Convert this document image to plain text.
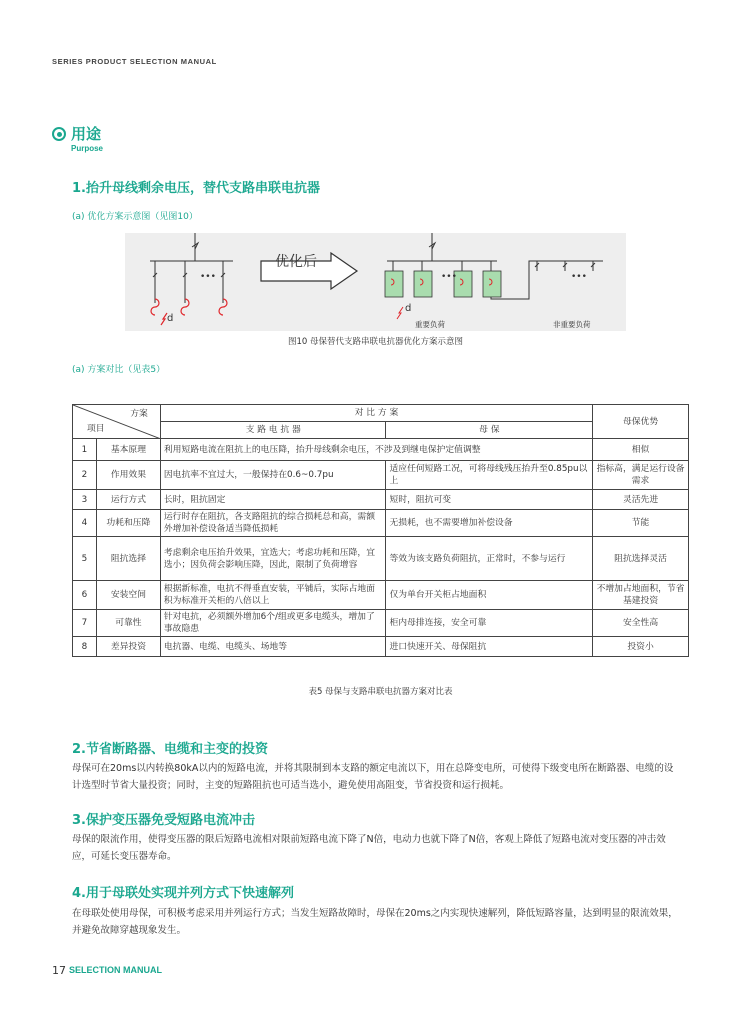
SERIES PRODUCT SELECTION MANUAL
用途
Purpose
1.抬升母线剩余电压，替代支路串联电抗器
(a) 优化方案示意图（见图10）
•••
d
优化后
•••	•••
d
重要负荷	非重要负荷
图10 母保替代支路串联电抗器优化方案示意图
(a) 方案对比（见表5）
方案
项目		对 比 方 案		母保优势
		支 路 电 抗 器	母 保	
1	基本原理	利用短路电流在阻抗上的电压降，抬升母线剩余电压，不涉及到继电保护定值调整		相似
2	作用效果	因电抗率不宜过大，一般保持在0.6~0.7pu	适应任何短路工况，可将母线残压抬升至0.85pu以上	指标高，满足运行设备需求
3	运行方式	长时，阻抗固定	短时，阻抗可变	灵活先进
4	功耗和压降	运行时存在阻抗，各支路阻抗的综合损耗总和高，需额外增加补偿设备适当降低损耗	无损耗，也不需要增加补偿设备	节能
5	阻抗选择	考虑剩余电压抬升效果，宜选大；考虑功耗和压降，宜选小；因负荷会影响压降，因此，限制了负荷增容	等效为该支路负荷阻抗，正常时，不参与运行	阻抗选择灵活
6	安装空间	根据新标准，电抗不得垂直安装，平铺后，实际占地面积为标准开关柜的八倍以上	仅为单台开关柜占地面积	不增加占地面积，节省基建投资
7	可靠性	针对电抗，必须额外增加6个/组或更多电缆头，增加了事故隐患	柜内母排连接，安全可靠	安全性高
8	差异投资	电抗器、电缆、电缆头、场地等	进口快速开关、母保阻抗	投资小
表5 母保与支路串联电抗器方案对比表
2.节省断路器、电缆和主变的投资
母保可在20ms以内转换80kA以内的短路电流，并将其限制到本支路的额定电流以下，用在总降变电所，可使得下级变电所在断路器、电缆的设计选型时节省大量投资；同时，主变的短路阻抗也可适当选小，避免使用高阻变，节省投资和运行损耗。
3.保护变压器免受短路电流冲击
母保的限流作用，使得变压器的限后短路电流相对限前短路电流下降了N倍，电动力也就下降了N倍，客观上降低了短路电流对变压器的冲击效应，可延长变压器寿命。
4.用于母联处实现并列方式下快速解列
在母联处使用母保，可积极考虑采用并列运行方式；当发生短路故障时，母保在20ms之内实现快速解列，降低短路容量，达到明显的限流效果，并避免故障穿越现象发生。
17 SELECTION MANUAL
